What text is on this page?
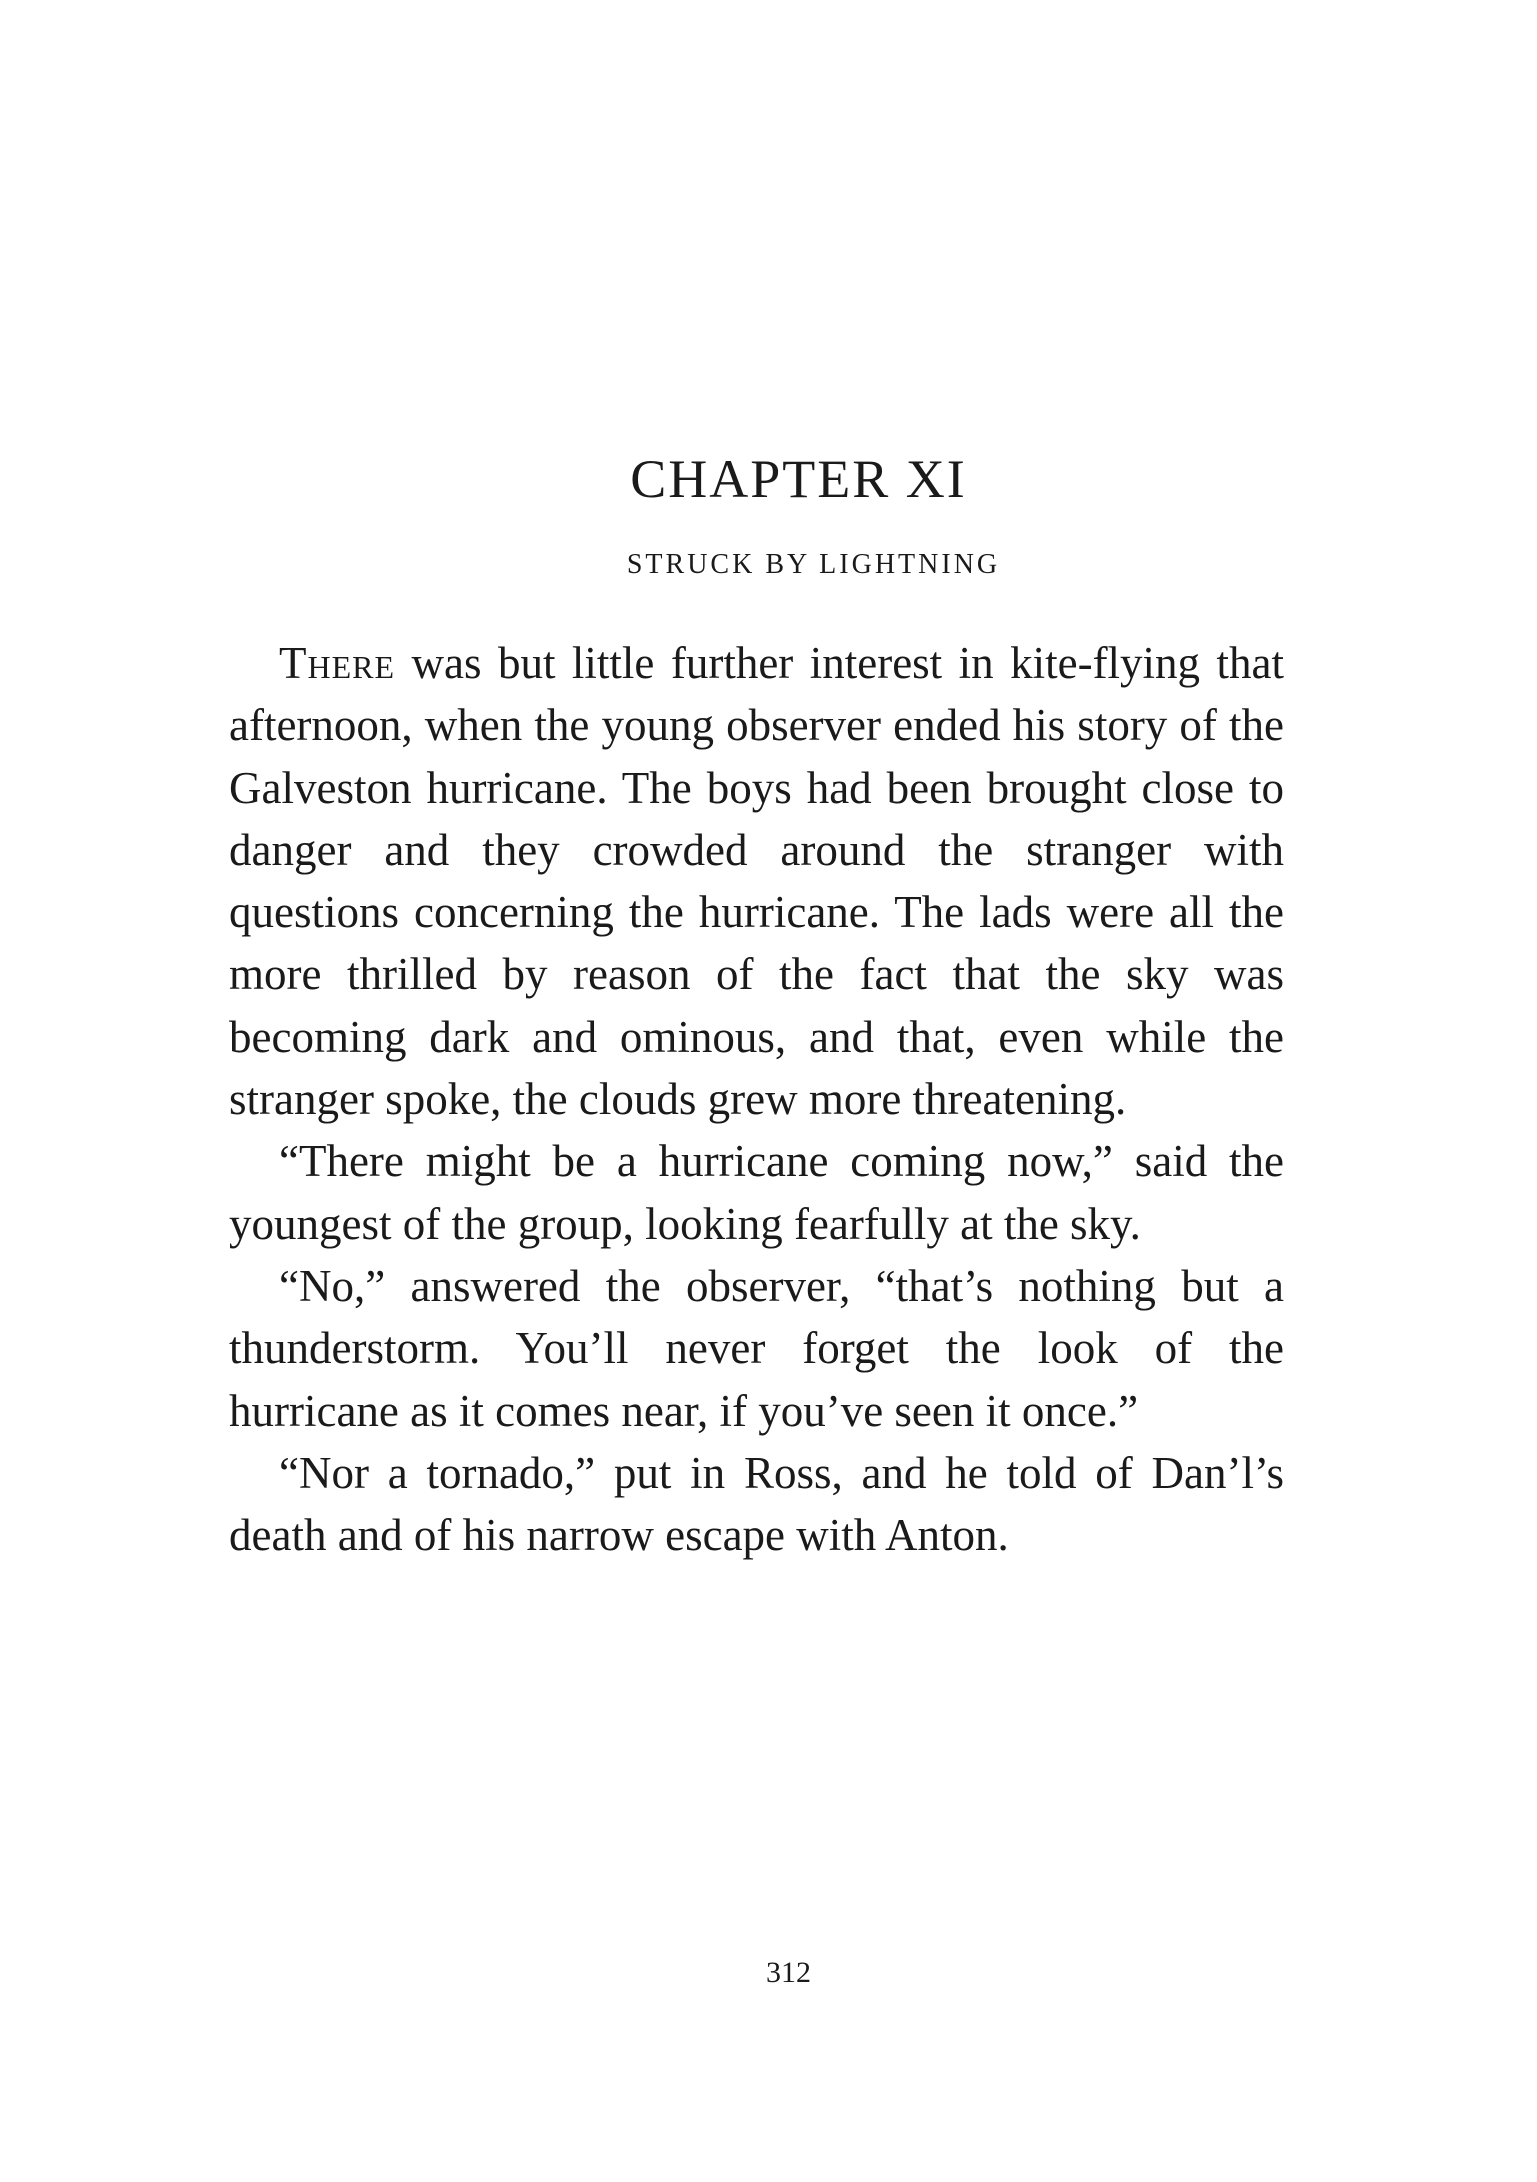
CHAPTER XI
STRUCK BY LIGHTNING

There was but little further interest in kite-flying that afternoon, when the young observer ended his story of the Galveston hurricane. The boys had been brought close to danger and they crowded around the stranger with questions concerning the hurricane. The lads were all the more thrilled by reason of the fact that the sky was becoming dark and ominous, and that, even while the stranger spoke, the clouds grew more threatening.

“There might be a hurricane coming now,” said the youngest of the group, looking fearfully at the sky.

“No,” answered the observer, “that’s nothing but a thunderstorm. You’ll never forget the look of the hurricane as it comes near, if you’ve seen it once.”

“Nor a tornado,” put in Ross, and he told of Dan’l’s death and of his narrow escape with Anton.

312
